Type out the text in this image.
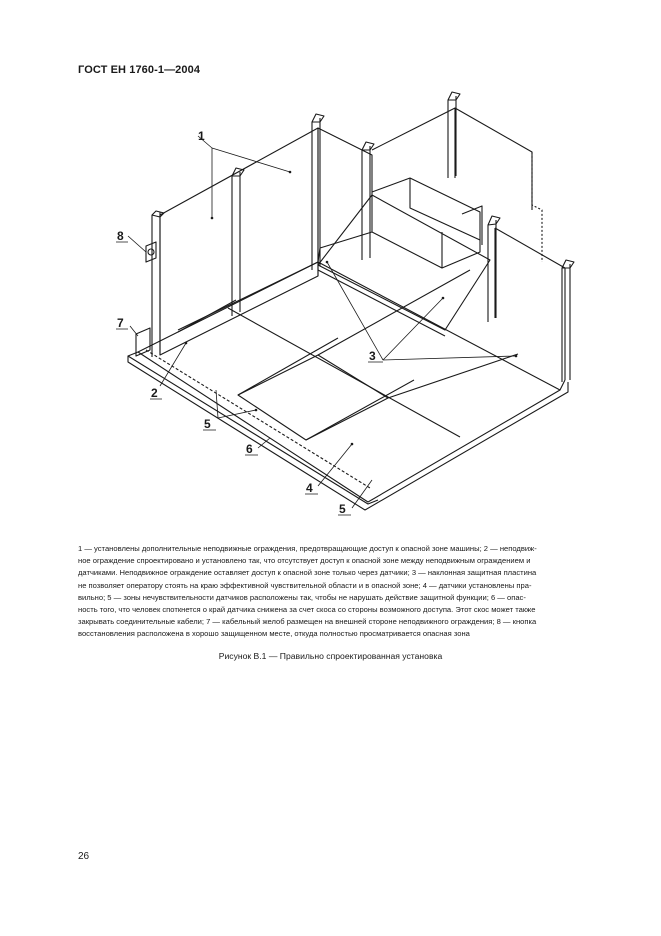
ГОСТ ЕН 1760-1—2004
1
8
7
2
5
6
4
5
3
1 — установлены дополнительные неподвижные ограждения, предотвращающие доступ к опасной зоне машины; 2 — неподвиж-
ное ограждение спроектировано и установлено так, что отсутствует доступ к опасной зоне между неподвижным ограждением и
датчиками. Неподвижное ограждение оставляет доступ к опасной зоне только через датчики; 3 — наклонная защитная пластина
не позволяет оператору стоять на краю эффективной чувствительной области и в опасной зоне; 4 — датчики установлены пра-
вильно; 5 — зоны нечувствительности датчиков расположены так, чтобы не нарушать действие защитной функции; 6 — опас-
ность того, что человек споткнется о край датчика снижена за счет скоса со стороны возможного доступа. Этот скос может также
закрывать соединительные кабели; 7 — кабельный желоб размещен на внешней стороне неподвижного ограждения; 8 — кнопка
восстановления расположена в хорошо защищенном месте, откуда полностью просматривается опасная зона
Рисунок В.1 — Правильно спроектированная установка
26
